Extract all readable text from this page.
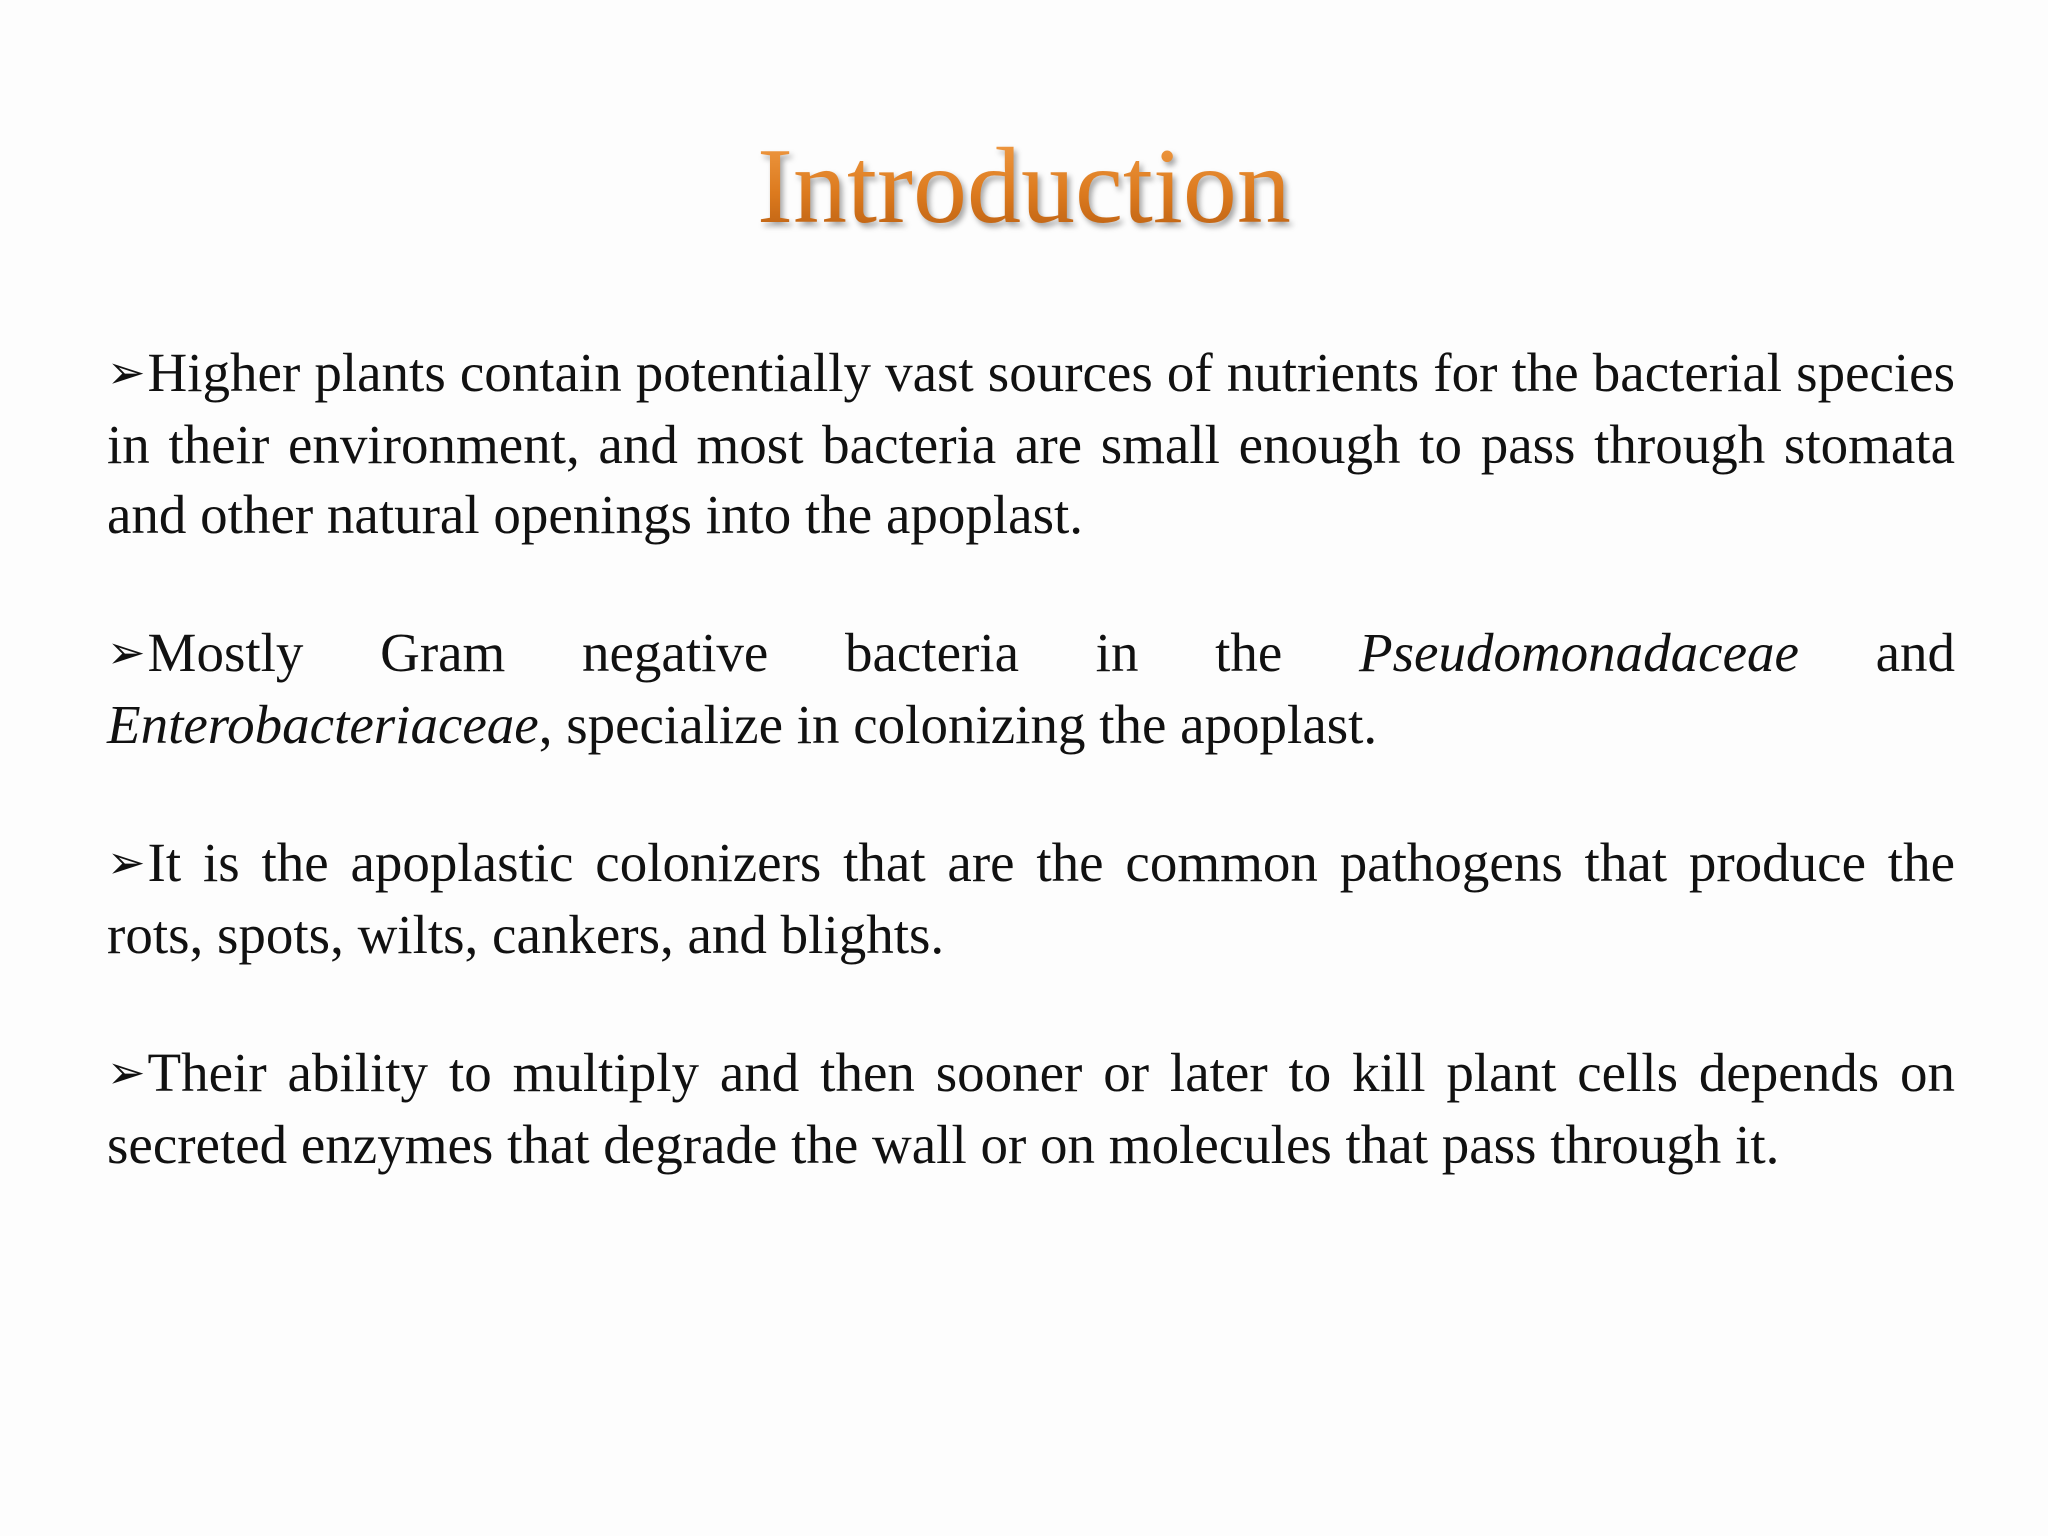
Introduction

➢Higher plants contain potentially vast sources of nutrients for the bacterial species in their environment, and most bacteria are small enough to pass through stomata and other natural openings into the apoplast.

➢Mostly Gram negative bacteria in the Pseudomonadaceae and
Enterobacteriaceae, specialize in colonizing the apoplast.

➢It is the apoplastic colonizers that are the common pathogens that produce the rots, spots, wilts, cankers, and blights.

➢Their ability to multiply and then sooner or later to kill plant cells depends on secreted enzymes that degrade the wall or on molecules that pass through it.
